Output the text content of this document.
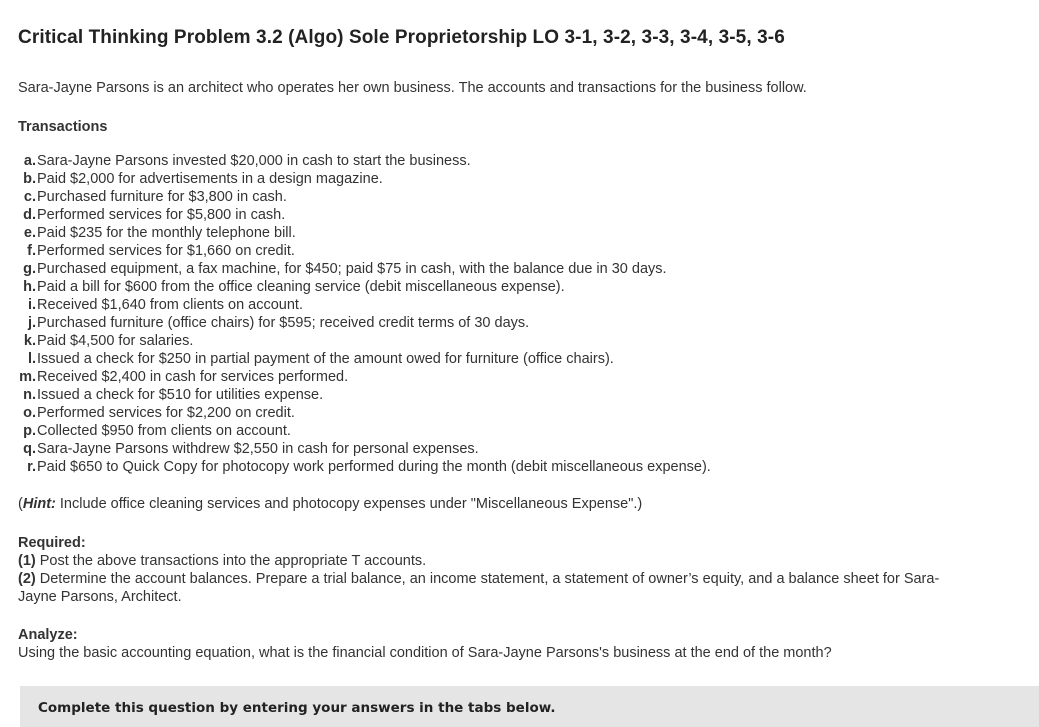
Critical Thinking Problem 3.2 (Algo) Sole Proprietorship LO 3-1, 3-2, 3-3, 3-4, 3-5, 3-6

Sara-Jayne Parsons is an architect who operates her own business. The accounts and transactions for the business follow.

Transactions
a.Sara-Jayne Parsons invested $20,000 in cash to start the business.
b.Paid $2,000 for advertisements in a design magazine.
c.Purchased furniture for $3,800 in cash.
d.Performed services for $5,800 in cash.
e.Paid $235 for the monthly telephone bill.
f.Performed services for $1,660 on credit.
g.Purchased equipment, a fax machine, for $450; paid $75 in cash, with the balance due in 30 days.
h.Paid a bill for $600 from the office cleaning service (debit miscellaneous expense).
i.Received $1,640 from clients on account.
j.Purchased furniture (office chairs) for $595; received credit terms of 30 days.
k.Paid $4,500 for salaries.
l.Issued a check for $250 in partial payment of the amount owed for furniture (office chairs).
m.Received $2,400 in cash for services performed.
n.Issued a check for $510 for utilities expense.
o.Performed services for $2,200 on credit.
p.Collected $950 from clients on account.
q.Sara-Jayne Parsons withdrew $2,550 in cash for personal expenses.
r.Paid $650 to Quick Copy for photocopy work performed during the month (debit miscellaneous expense).

(Hint: Include office cleaning services and photocopy expenses under "Miscellaneous Expense".)

Required:

(1) Post the above transactions into the appropriate T accounts.

(2) Determine the account balances. Prepare a trial balance, an income statement, a statement of owner’s equity, and a balance sheet for Sara-Jayne Parsons, Architect.

Analyze:

Using the basic accounting equation, what is the financial condition of Sara-Jayne Parsons's business at the end of the month?

Complete this question by entering your answers in the tabs below.
